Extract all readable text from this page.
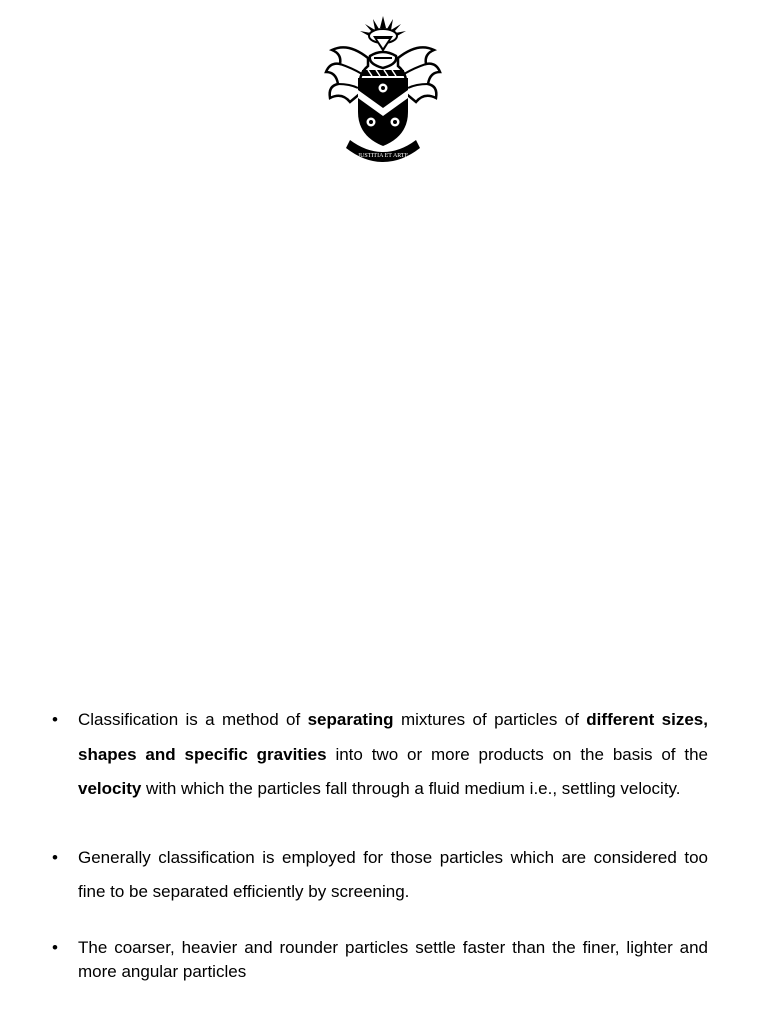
JUSTITIA ET ARTE
• Classification is a method of separating mixtures of particles of different sizes, shapes and specific gravities into two or more products on the basis of the velocity with which the particles fall through a fluid medium i.e., settling velocity.
• Generally classification is employed for those particles which are considered too fine to be separated efficiently by screening.
• The coarser, heavier and rounder particles settle faster than the finer, lighter and more angular particles
